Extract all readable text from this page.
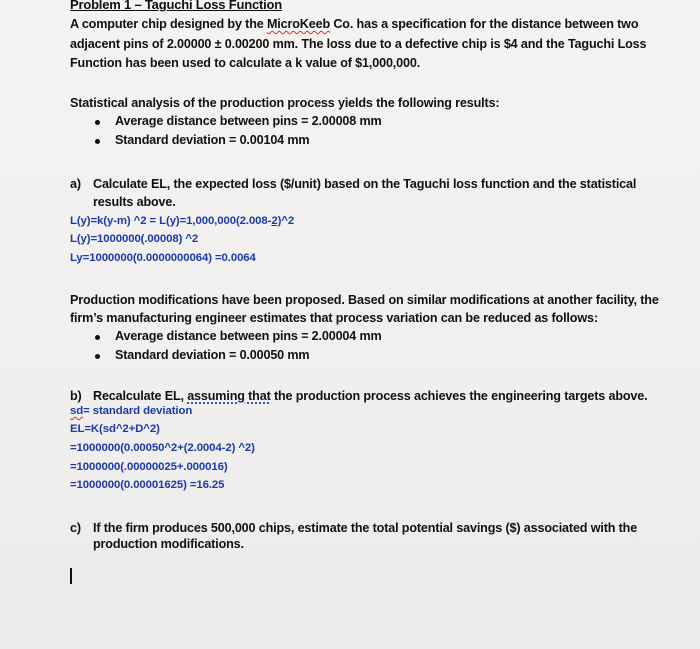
Problem 1 – Taguchi Loss Function
A computer chip designed by the MicroKeeb Co. has a specification for the distance between two
adjacent pins of 2.00000 ± 0.00200 mm. The loss due to a defective chip is $4 and the Taguchi Loss
Function has been used to calculate a k value of $1,000,000.
Statistical analysis of the production process yields the following results:
Average distance between pins = 2.00008 mm
Standard deviation = 0.00104 mm
a) Calculate EL, the expected loss ($/unit) based on the Taguchi loss function and the statistical
results above.
L(y)=k(y-m) ^2 = L(y)=1,000,000(2.008-2)^2
L(y)=1000000(.00008) ^2
Ly=1000000(0.0000000064) =0.0064
Production modifications have been proposed. Based on similar modifications at another facility, the
firm’s manufacturing engineer estimates that process variation can be reduced as follows:
Average distance between pins = 2.00004 mm
Standard deviation = 0.00050 mm
b) Recalculate EL, assuming that the production process achieves the engineering targets above.
sd= standard deviation
EL=K(sd^2+D^2)
=1000000(0.00050^2+(2.0004-2) ^2)
=1000000(.00000025+.000016)
=1000000(0.00001625) =16.25
c) If the firm produces 500,000 chips, estimate the total potential savings ($) associated with the
production modifications.
